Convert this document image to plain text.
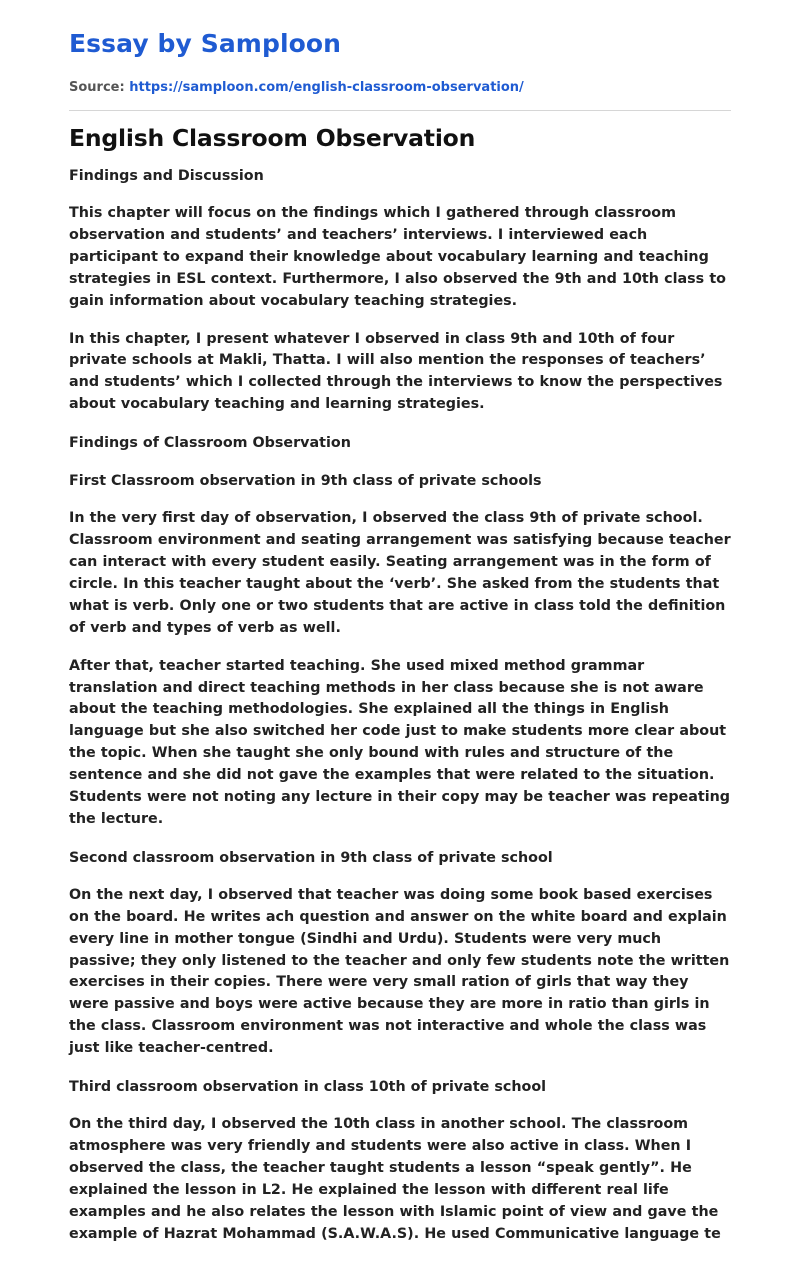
Essay by Samploon
Source: https://samploon.com/english-classroom-observation/
English Classroom Observation

Findings and Discussion

This chapter will focus on the findings which I gathered through classroom observation and students’ and teachers’ interviews. I interviewed each participant to expand their knowledge about vocabulary learning and teaching strategies in ESL context. Furthermore, I also observed the 9th and 10th class to gain information about vocabulary teaching strategies.

In this chapter, I present whatever I observed in class 9th and 10th of four private schools at Makli, Thatta. I will also mention the responses of teachers’ and students’ which I collected through the interviews to know the perspectives about vocabulary teaching and learning strategies.

Findings of Classroom Observation

First Classroom observation in 9th class of private schools

In the very first day of observation, I observed the class 9th of private school. Classroom environment and seating arrangement was satisfying because teacher can interact with every student easily. Seating arrangement was in the form of circle. In this teacher taught about the ‘verb’. She asked from the students that what is verb. Only one or two students that are active in class told the definition of verb and types of verb as well.

After that, teacher started teaching. She used mixed method grammar translation and direct teaching methods in her class because she is not aware about the teaching methodologies. She explained all the things in English language but she also switched her code just to make students more clear about the topic. When she taught she only bound with rules and structure of the sentence and she did not gave the examples that were related to the situation. Students were not noting any lecture in their copy may be teacher was repeating the lecture.

Second classroom observation in 9th class of private school

On the next day, I observed that teacher was doing some book based exercises on the board. He writes ach question and answer on the white board and explain every line in mother tongue (Sindhi and Urdu). Students were very much passive; they only listened to the teacher and only few students note the written exercises in their copies. There were very small ration of girls that way they were passive and boys were active because they are more in ratio than girls in the class. Classroom environment was not interactive and whole the class was just like teacher-centred.

Third classroom observation in class 10th of private school

On the third day, I observed the 10th class in another school. The classroom atmosphere was very friendly and students were also active in class. When I observed the class, the teacher taught students a lesson “speak gently”. He explained the lesson in L2. He explained the lesson with different real life examples and he also relates the lesson with Islamic point of view and gave the example of Hazrat Mohammad (S.A.W.A.S). He used Communicative language te
